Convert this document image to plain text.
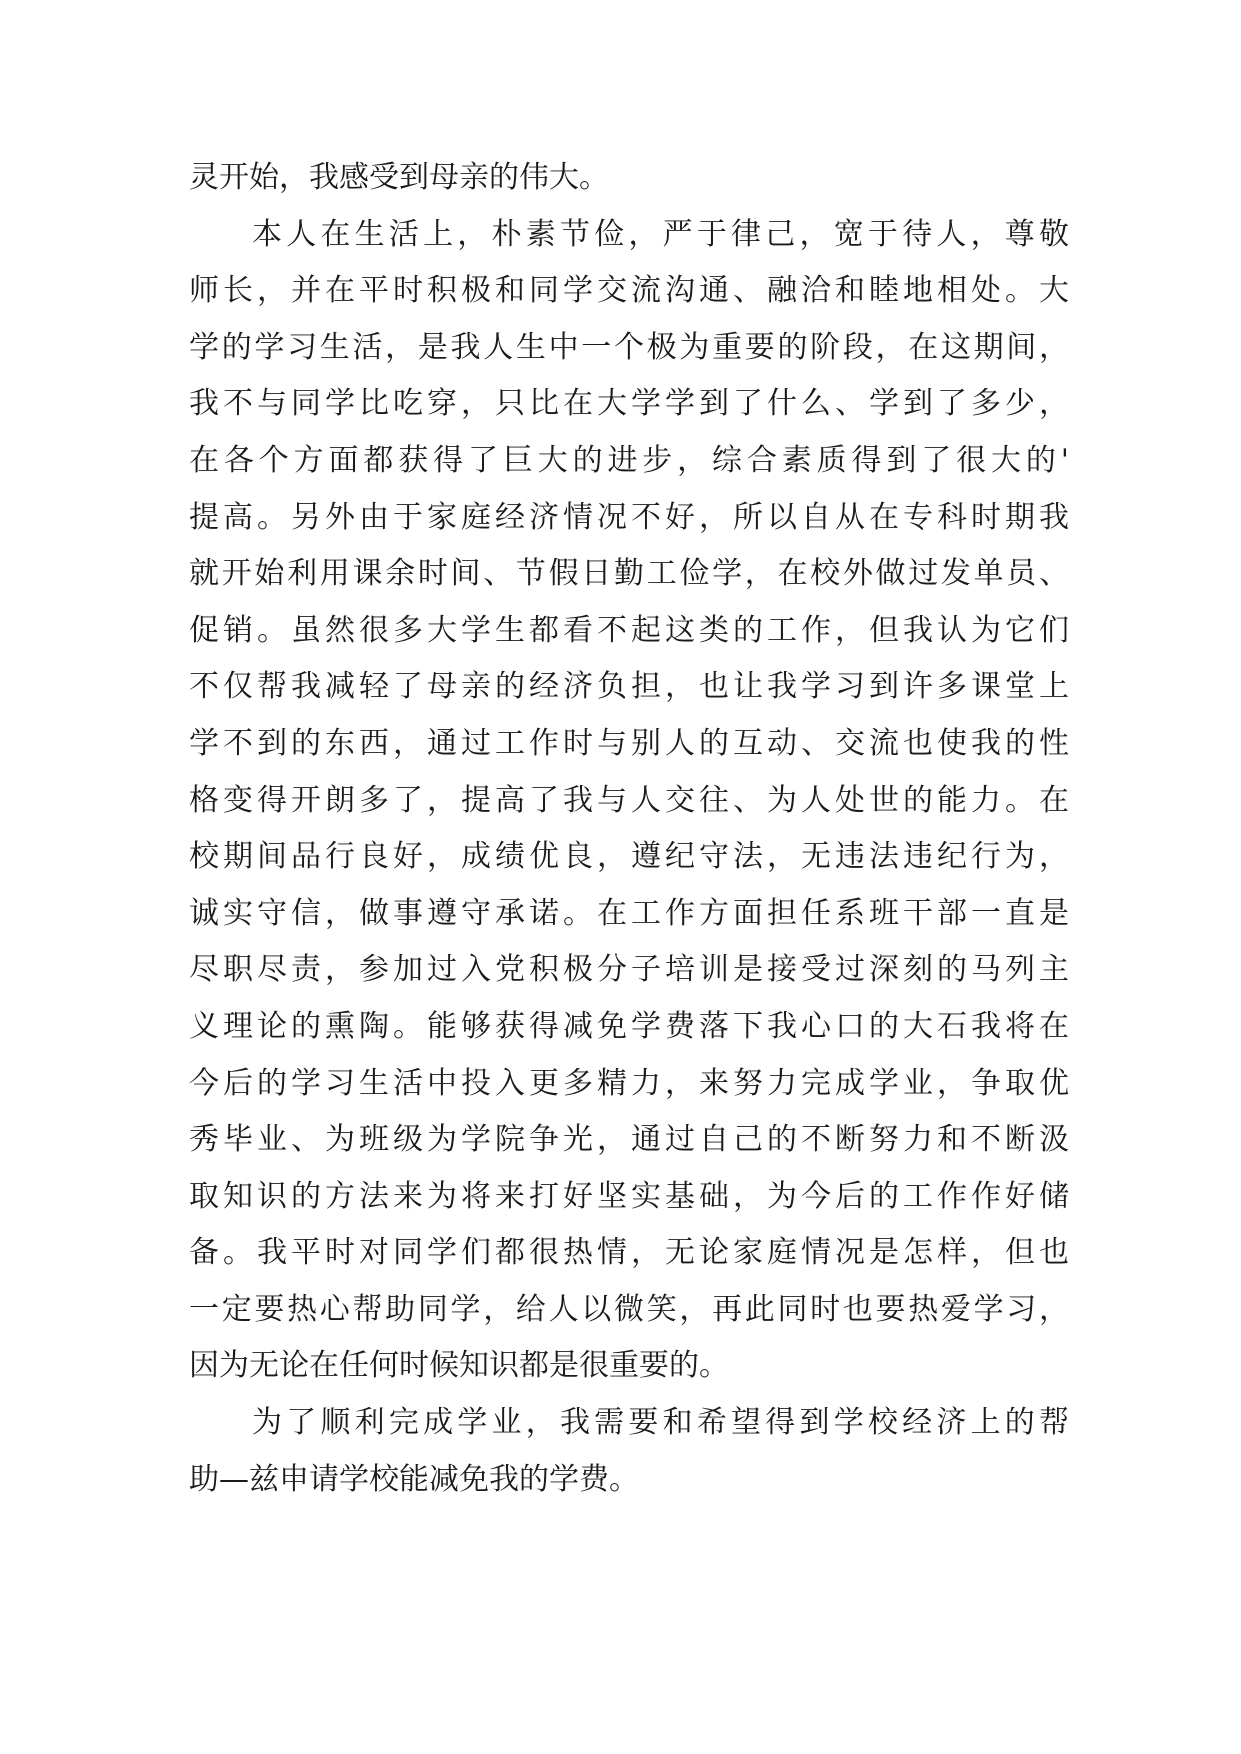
灵开始，我感受到母亲的伟大。
本人在生活上，朴素节俭，严于律己，宽于待人，尊敬
师长，并在平时积极和同学交流沟通、融洽和睦地相处。大
学的学习生活，是我人生中一个极为重要的阶段，在这期间，
我不与同学比吃穿，只比在大学学到了什么、学到了多少，
在各个方面都获得了巨大的进步，综合素质得到了很大的'
提高。另外由于家庭经济情况不好，所以自从在专科时期我
就开始利用课余时间、节假日勤工俭学，在校外做过发单员、
促销。虽然很多大学生都看不起这类的工作，但我认为它们
不仅帮我减轻了母亲的经济负担，也让我学习到许多课堂上
学不到的东西，通过工作时与别人的互动、交流也使我的性
格变得开朗多了，提高了我与人交往、为人处世的能力。在
校期间品行良好，成绩优良，遵纪守法，无违法违纪行为，
诚实守信，做事遵守承诺。在工作方面担任系班干部一直是
尽职尽责，参加过入党积极分子培训是接受过深刻的马列主
义理论的熏陶。能够获得减免学费落下我心口的大石我将在
今后的学习生活中投入更多精力，来努力完成学业，争取优
秀毕业、为班级为学院争光，通过自己的不断努力和不断汲
取知识的方法来为将来打好坚实基础，为今后的工作作好储
备。我平时对同学们都很热情，无论家庭情况是怎样，但也
一定要热心帮助同学，给人以微笑，再此同时也要热爱学习，
因为无论在任何时候知识都是很重要的。
为了顺利完成学业，我需要和希望得到学校经济上的帮
助—兹申请学校能减免我的学费。
